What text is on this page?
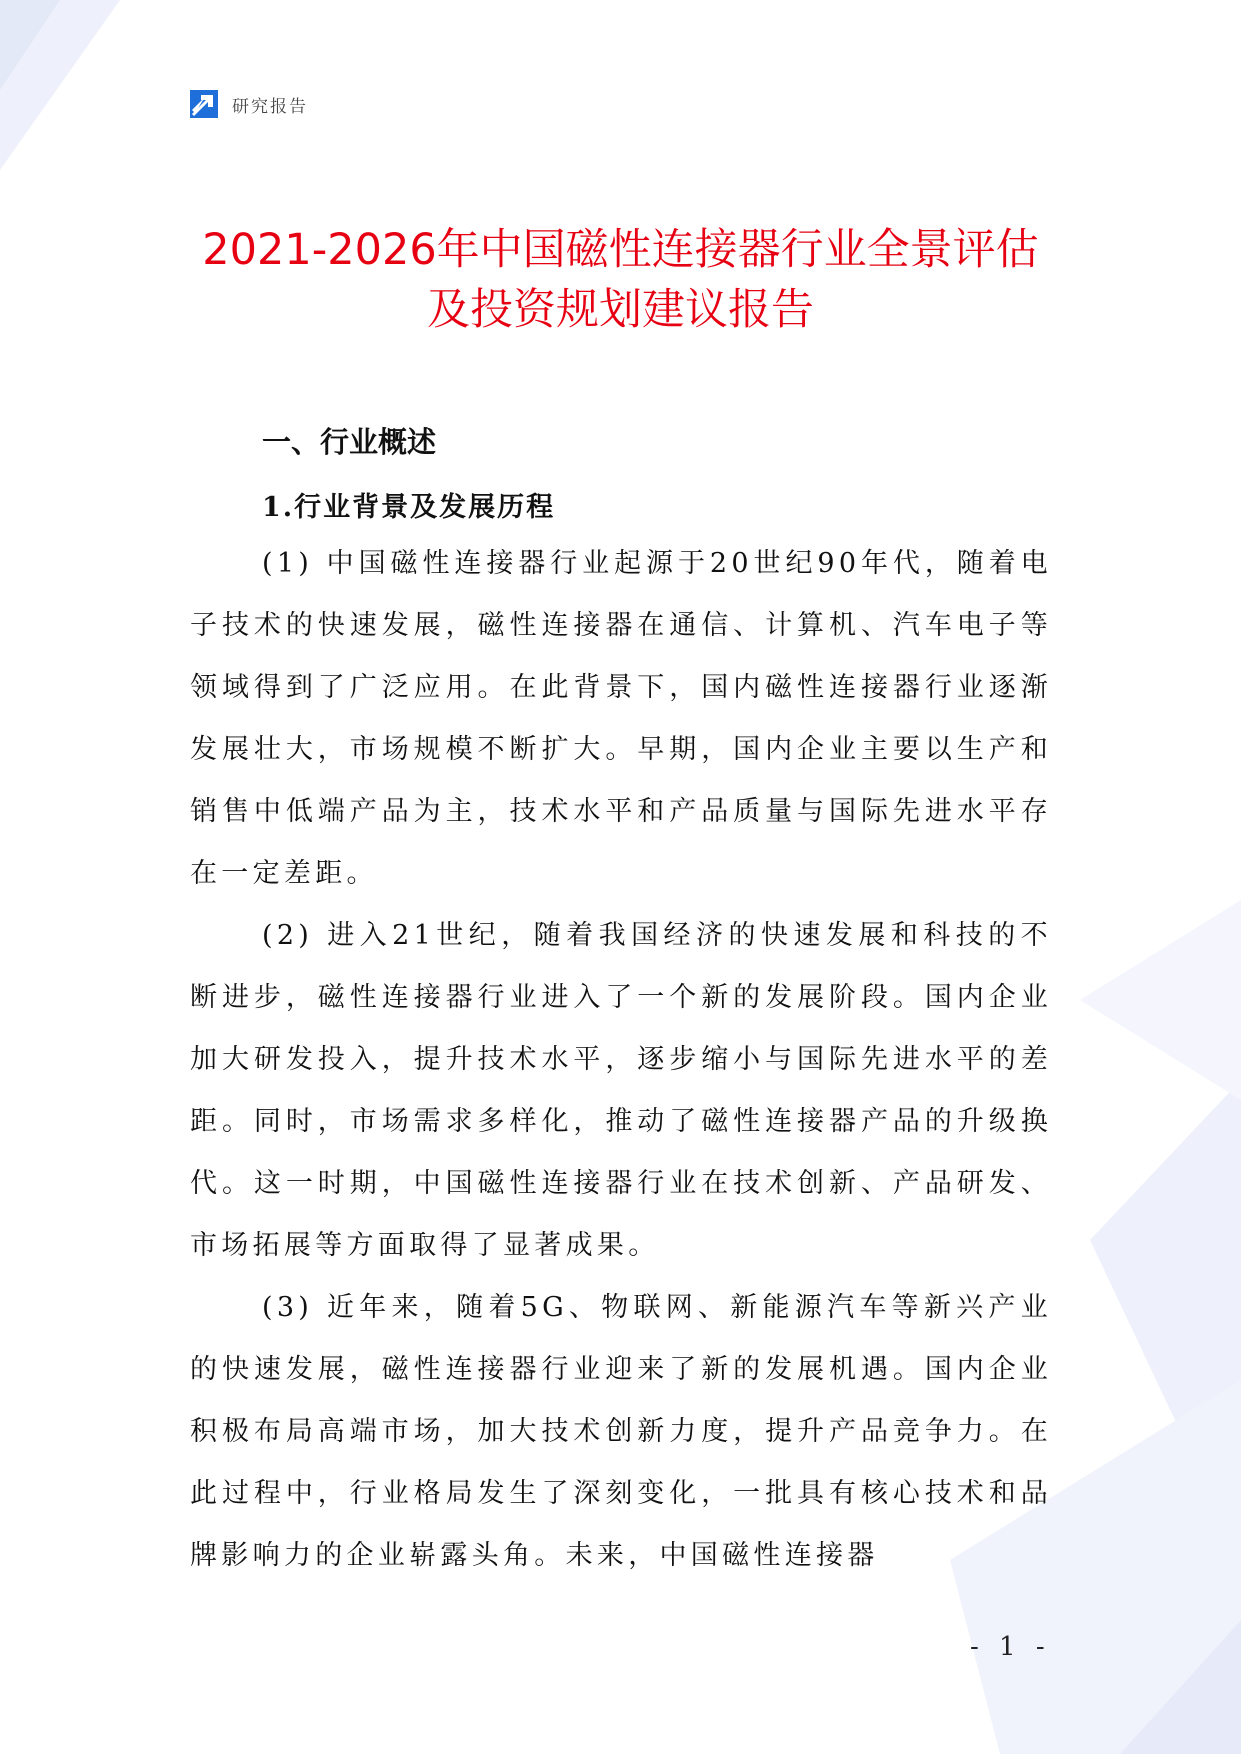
研究报告
2021-2026年中国磁性连接器行业全景评估
及投资规划建议报告
一、行业概述
1.行业背景及发展历程

(1) 中国磁性连接器行业起源于20世纪90年代，随着电子技术的快速发展，磁性连接器在通信、计算机、汽车电子等领域得到了广泛应用。在此背景下，国内磁性连接器行业逐渐发展壮大，市场规模不断扩大。早期，国内企业主要以生产和销售中低端产品为主，技术水平和产品质量与国际先进水平存在一定差距。

(2) 进入21世纪，随着我国经济的快速发展和科技的不断进步，磁性连接器行业进入了一个新的发展阶段。国内企业加大研发投入，提升技术水平，逐步缩小与国际先进水平的差距。同时，市场需求多样化，推动了磁性连接器产品的升级换代。这一时期，中国磁性连接器行业在技术创新、产品研发、市场拓展等方面取得了显著成果。

(3) 近年来，随着5G、物联网、新能源汽车等新兴产业的快速发展，磁性连接器行业迎来了新的发展机遇。国内企业积极布局高端市场，加大技术创新力度，提升产品竞争力。在此过程中，行业格局发生了深刻变化，一批具有核心技术和品牌影响力的企业崭露头角。未来，中国磁性连接器

- 1 -
